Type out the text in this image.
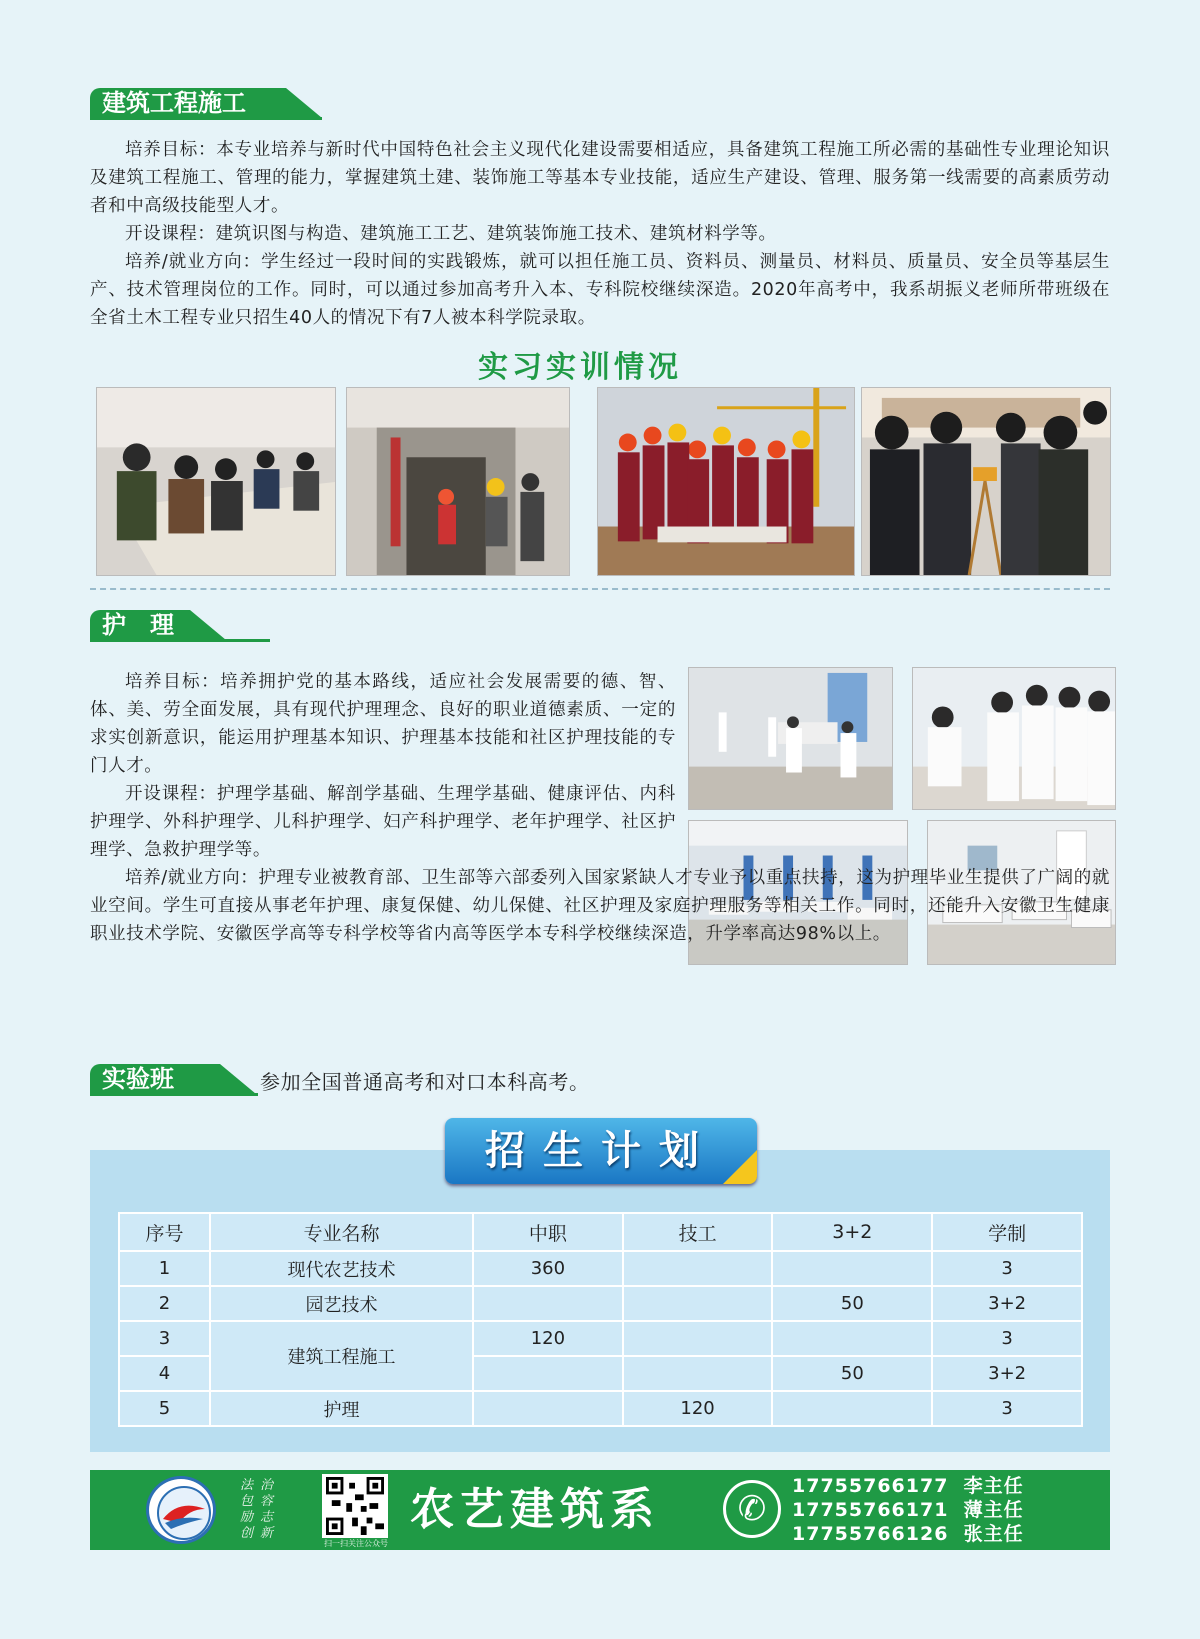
建筑工程施工

培养目标：本专业培养与新时代中国特色社会主义现代化建设需要相适应，具备建筑工程施工所必需的基础性专业理论知识及建筑工程施工、管理的能力，掌握建筑土建、装饰施工等基本专业技能，适应生产建设、管理、服务第一线需要的高素质劳动者和中高级技能型人才。

开设课程：建筑识图与构造、建筑施工工艺、建筑装饰施工技术、建筑材料学等。

培养/就业方向：学生经过一段时间的实践锻炼，就可以担任施工员、资料员、测量员、材料员、质量员、安全员等基层生产、技术管理岗位的工作。同时，可以通过参加高考升入本、专科院校继续深造。2020年高考中，我系胡振义老师所带班级在全省土木工程专业只招生40人的情况下有7人被本科学院录取。

实习实训情况
护　理

培养目标：培养拥护党的基本路线，适应社会发展需要的德、智、体、美、劳全面发展，具有现代护理理念、良好的职业道德素质、一定的求实创新意识，能运用护理基本知识、护理基本技能和社区护理技能的专门人才。

开设课程：护理学基础、解剖学基础、生理学基础、健康评估、内科护理学、外科护理学、儿科护理学、妇产科护理学、老年护理学、社区护理学、急救护理学等。

培养/就业方向：护理专业被教育部、卫生部等六部委列入国家紧缺人才专业予以重点扶持，这为护理毕业生提供了广阔的就业空间。学生可直接从事老年护理、康复保健、幼儿保健、社区护理及家庭护理服务等相关工作。同时，还能升入安徽卫生健康职业技术学院、安徽医学高等专科学校等省内高等医学本专科学校继续深造，升学率高达98%以上。

实验班	参加全国普通高考和对口本科高考。
序号	专业名称	中职	技工	3+2	学制
1	现代农艺技术	360			3
2	园艺技术			50	3+2
3	建筑工程施工	120			3
4				50	3+2
5	护理		120		3
招生计划
法 治
包 容
励 志
创 新
扫一扫关注公众号
农艺建筑系	✆
17755766177 李主任
17755766171 薄主任
17755766126 张主任
